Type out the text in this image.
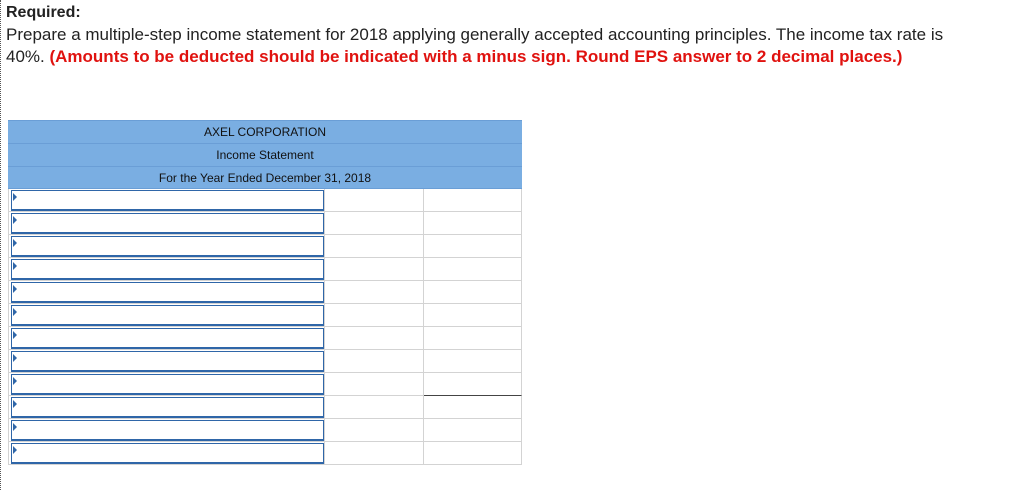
Required:

Prepare a multiple-step income statement for 2018 applying generally accepted accounting principles. The income tax rate is 40%. (Amounts to be deducted should be indicated with a minus sign. Round EPS answer to 2 decimal places.)

AXEL CORPORATION
Income Statement
For the Year Ended December 31, 2018
